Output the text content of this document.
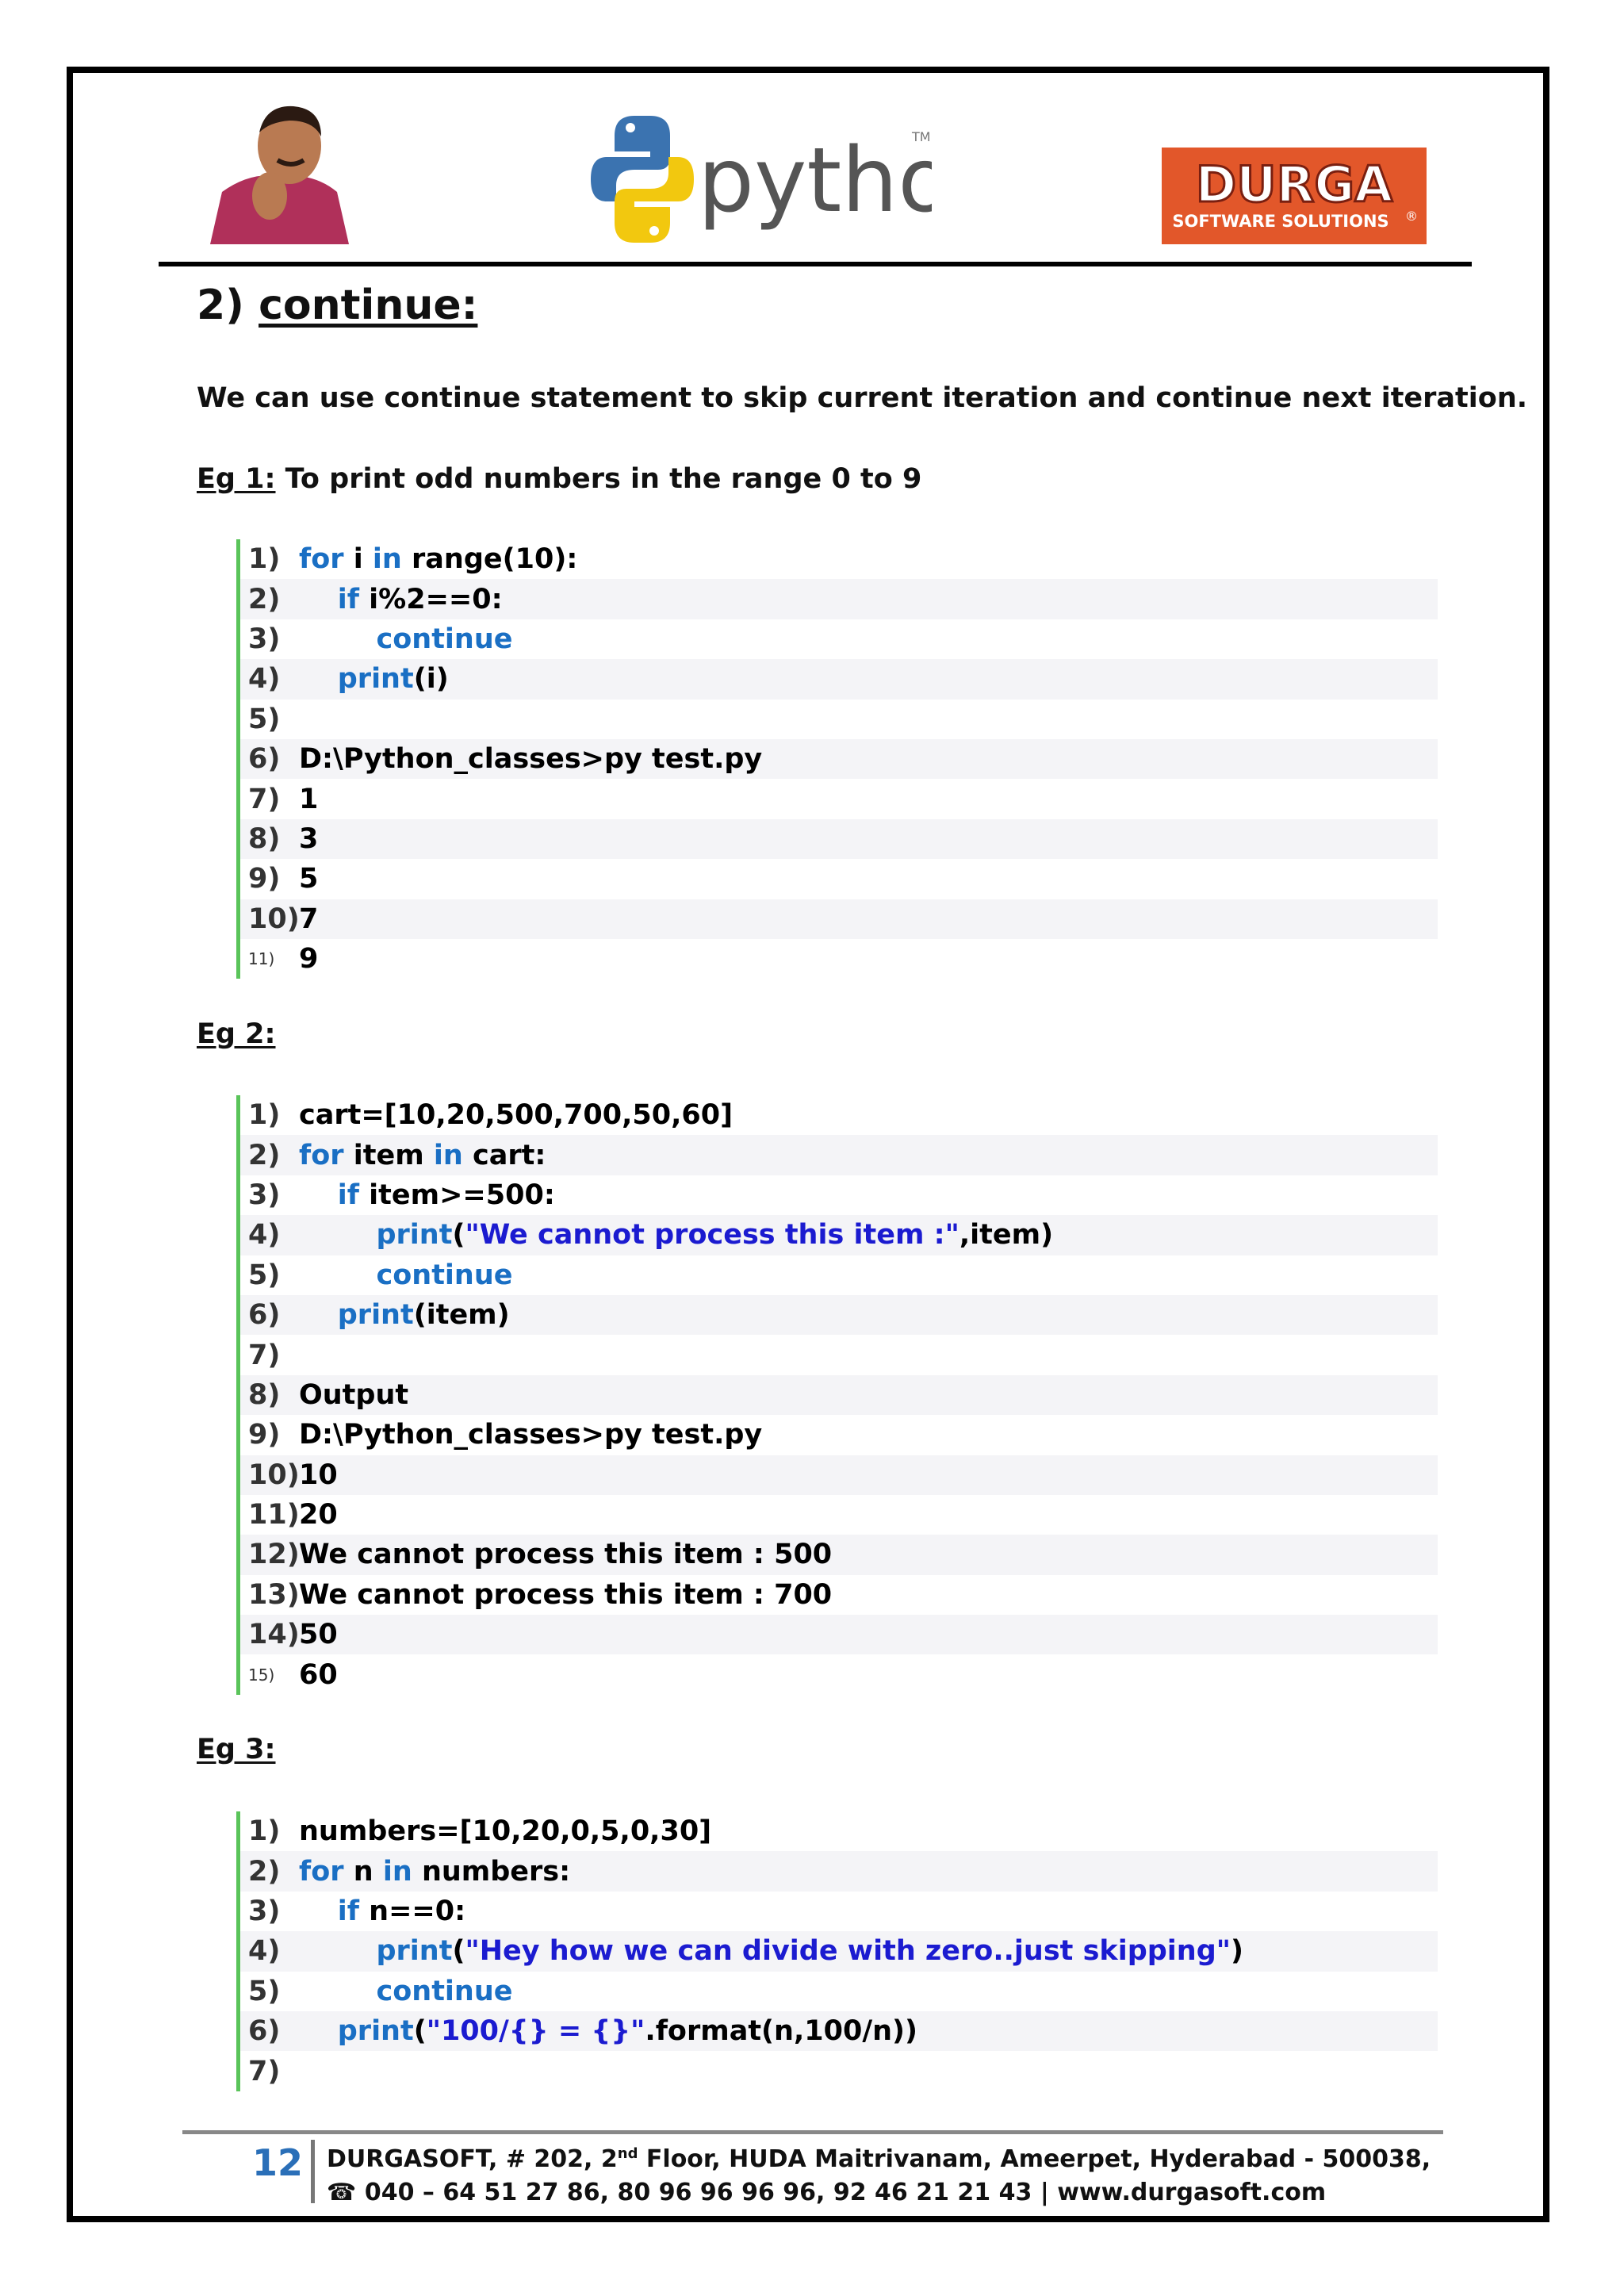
pytho
TM
DURGA
SOFTWARE SOLUTIONS ®
2) continue:
We can use continue statement to skip current iteration and continue next iteration.
Eg 1: To print odd numbers in the range 0 to 9
1) for i in range(10):
2)	if i%2==0:
3)	continue
4)	print(i)
5)
6) D:\Python_classes>py test.py
7) 1
8) 3
9) 5
10) 7
11) 9
Eg 2:
1) cart=[10,20,500,700,50,60]
2) for item in cart:
3)	if item>=500:
4)	print("We cannot process this item :",item)
5)	continue
6)	print(item)
7)
8) Output
9) D:\Python_classes>py test.py
10) 10
11) 20
12) We cannot process this item : 500
13) We cannot process this item : 700
14) 50
15) 60
Eg 3:
1) numbers=[10,20,0,5,0,30]
2) for n in numbers:
3)	if n==0:
4)	print("Hey how we can divide with zero..just skipping")
5)	continue
6)	print("100/{} = {}".format(n,100/n))
7)
12 DURGASOFT, # 202, 2nd Floor, HUDA Maitrivanam, Ameerpet, Hyderabad - 500038,
☎ 040 – 64 51 27 86, 80 96 96 96 96, 92 46 21 21 43 | www.durgasoft.com
